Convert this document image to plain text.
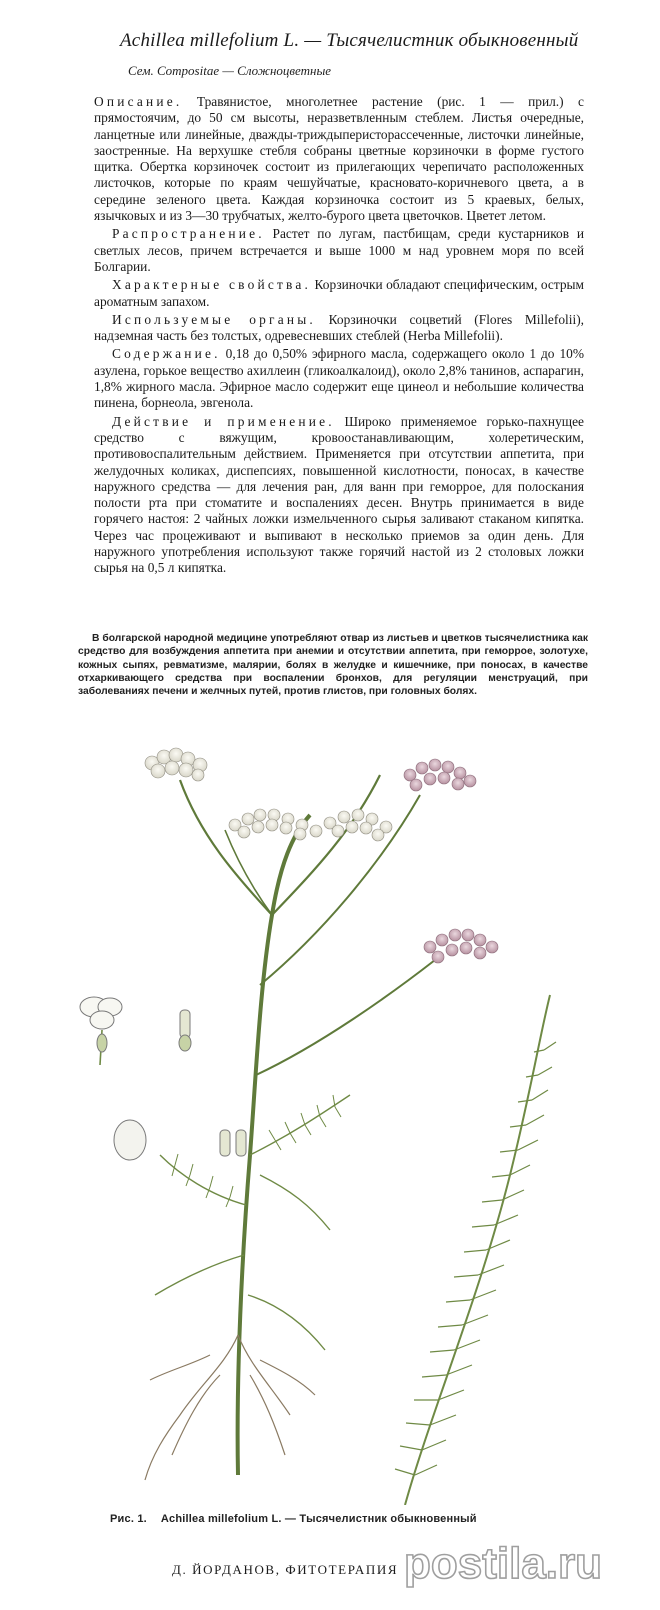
Achillea millefolium L. — Тысячелистник обыкновенный
Сем. Compositae — Сложноцветные

Описание. Травянистое, многолетнее растение (рис. 1 — прил.) с прямостоячим, до 50 см высоты, неразветвленным стеблем. Листья очередные, ланцетные или линейные, дважды-триждыперисторассеченные, листочки линейные, заостренные. На верхушке стебля собраны цветные корзиночки в форме густого щитка. Обертка корзиночек состоит из прилегающих черепичато расположенных листочков, которые по краям чешуйчатые, красновато-коричневого цвета, а в середине зеленого цвета. Каждая корзиночка состоит из 5 краевых, белых, язычковых и из 3—30 трубчатых, желто-бурого цвета цветочков. Цветет летом.

Распространение. Растет по лугам, пастбищам, среди кустарников и светлых лесов, причем встречается и выше 1000 м над уровнем моря по всей Болгарии.

Характерные свойства. Корзиночки обладают специфическим, острым ароматным запахом.

Используемые органы. Корзиночки соцветий (Flores Millefolii), надземная часть без толстых, одревесневших стеблей (Herba Millefolii).

Содержание. 0,18 до 0,50% эфирного масла, содержащего около 1 до 10% азулена, горькое вещество ахиллеин (гликоалкалоид), около 2,8% танинов, аспарагин, 1,8% жирного масла. Эфирное масло содержит еще цинеол и небольшие количества пинена, борнеола, эвгенола.

Действие и применение. Широко применяемое горько-пахнущее средство с вяжущим, кровоостанавливающим, холеретическим, противовоспалительным действием. Применяется при отсутствии аппетита, при желудочных коликах, диспепсиях, повышенной кислотности, поносах, в качестве наружного средства — для лечения ран, для ванн при геморрое, для полоскания полости рта при стоматите и воспалениях десен. Внутрь принимается в виде горячего настоя: 2 чайных ложки измельченного сырья заливают стаканом кипятка. Через час процеживают и выпивают в несколько приемов за один день. Для наружного употребления используют также горячий настой из 2 столовых ложки сырья на 0,5 л кипятка.

В болгарской народной медицине употребляют отвар из листьев и цветков тысячелистника как средство для возбуждения аппетита при анемии и отсутствии аппетита, при геморрое, золотухе, кожных сыпях, ревматизме, малярии, болях в желудке и кишечнике, при поносах, в качестве отхаркивающего средства при воспалении бронхов, для регуляции менструаций, при заболеваниях печени и желчных путей, против глистов, при головных болях.

Рис. 1. Achillea millefolium L. — Тысячелистник обыкновенный
Д. ЙОРДАНОВ, ФИТОТЕРАПИЯ postila.ru
